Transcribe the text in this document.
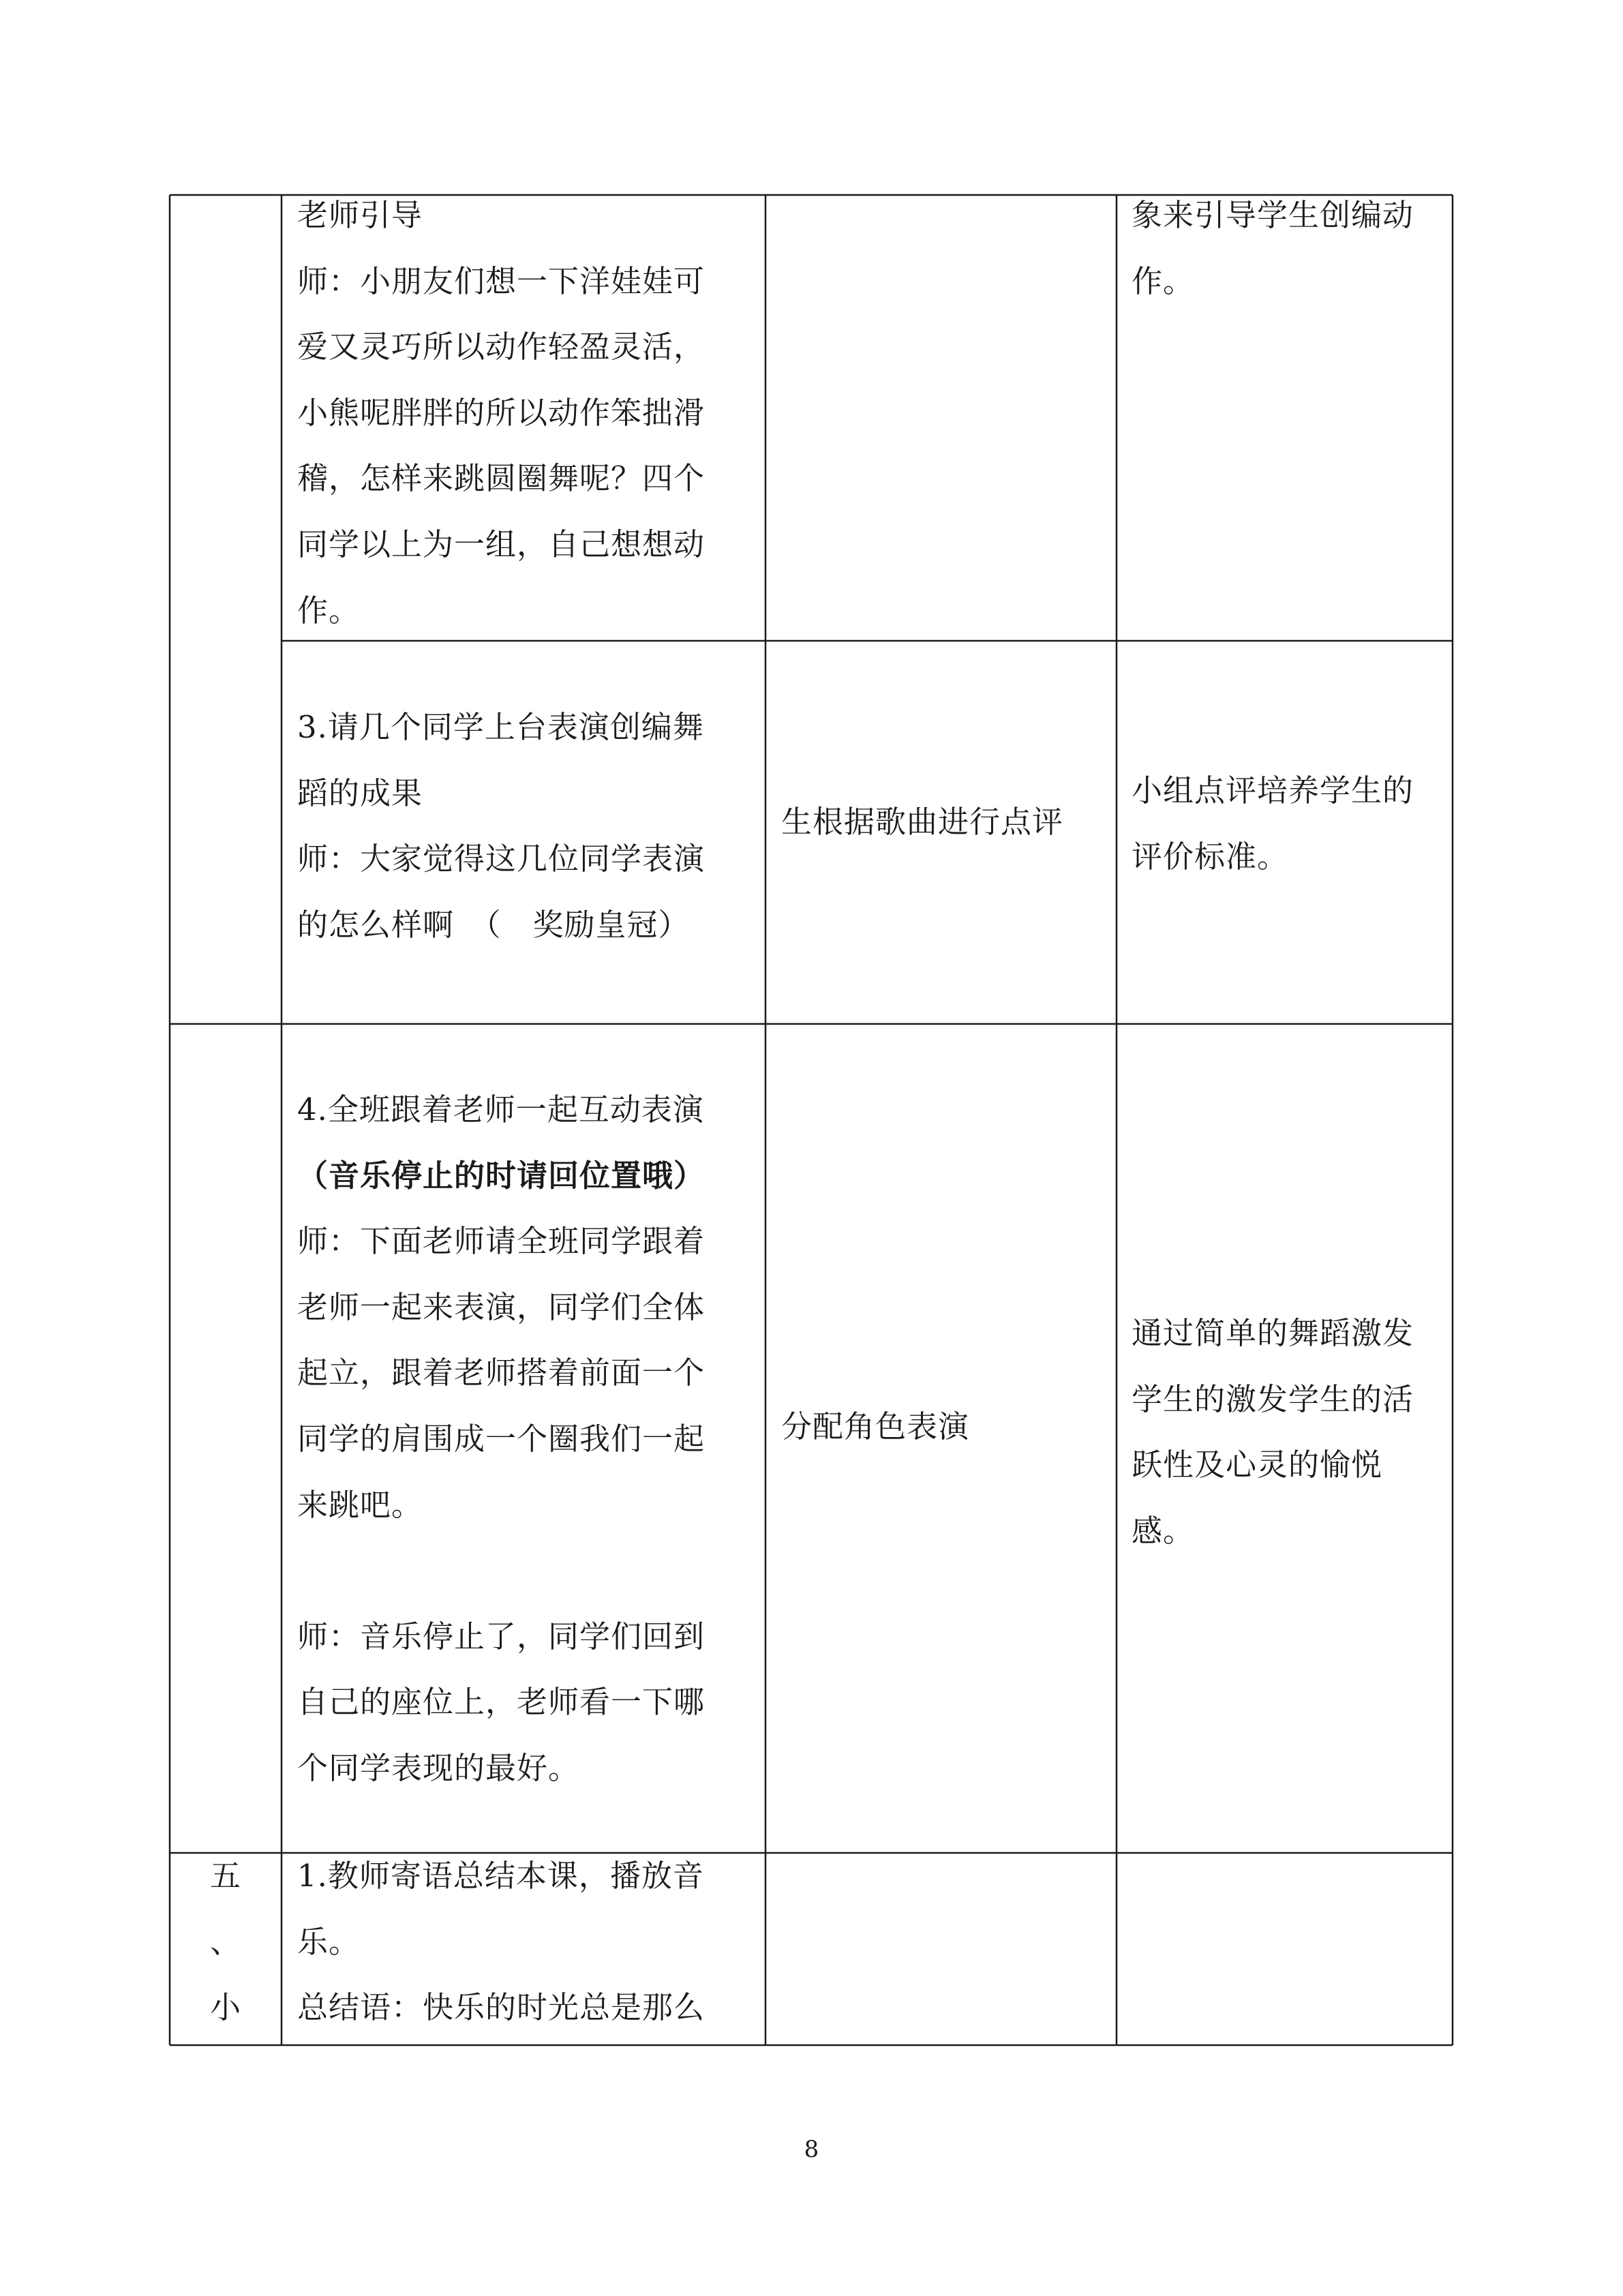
老师引导
师：小朋友们想一下洋娃娃可
爱又灵巧所以动作轻盈灵活，
小熊呢胖胖的所以动作笨拙滑
稽，怎样来跳圆圈舞呢？四个
同学以上为一组，自己想想动
作。
象来引导学生创编动
作。
3.请几个同学上台表演创编舞
蹈的成果
师：大家觉得这几位同学表演
的怎么样啊　（　奖励皇冠）
生根据歌曲进行点评
小组点评培养学生的
评价标准。
4.全班跟着老师一起互动表演
（音乐停止的时请回位置哦）
师：下面老师请全班同学跟着
老师一起来表演，同学们全体
起立，跟着老师搭着前面一个
同学的肩围成一个圈我们一起
来跳吧。
师：音乐停止了，同学们回到
自己的座位上，老师看一下哪
个同学表现的最好。
分配角色表演
通过简单的舞蹈激发
学生的激发学生的活
跃性及心灵的愉悦
感。
五
、
小
1.教师寄语总结本课，播放音
乐。
总结语：快乐的时光总是那么
8
